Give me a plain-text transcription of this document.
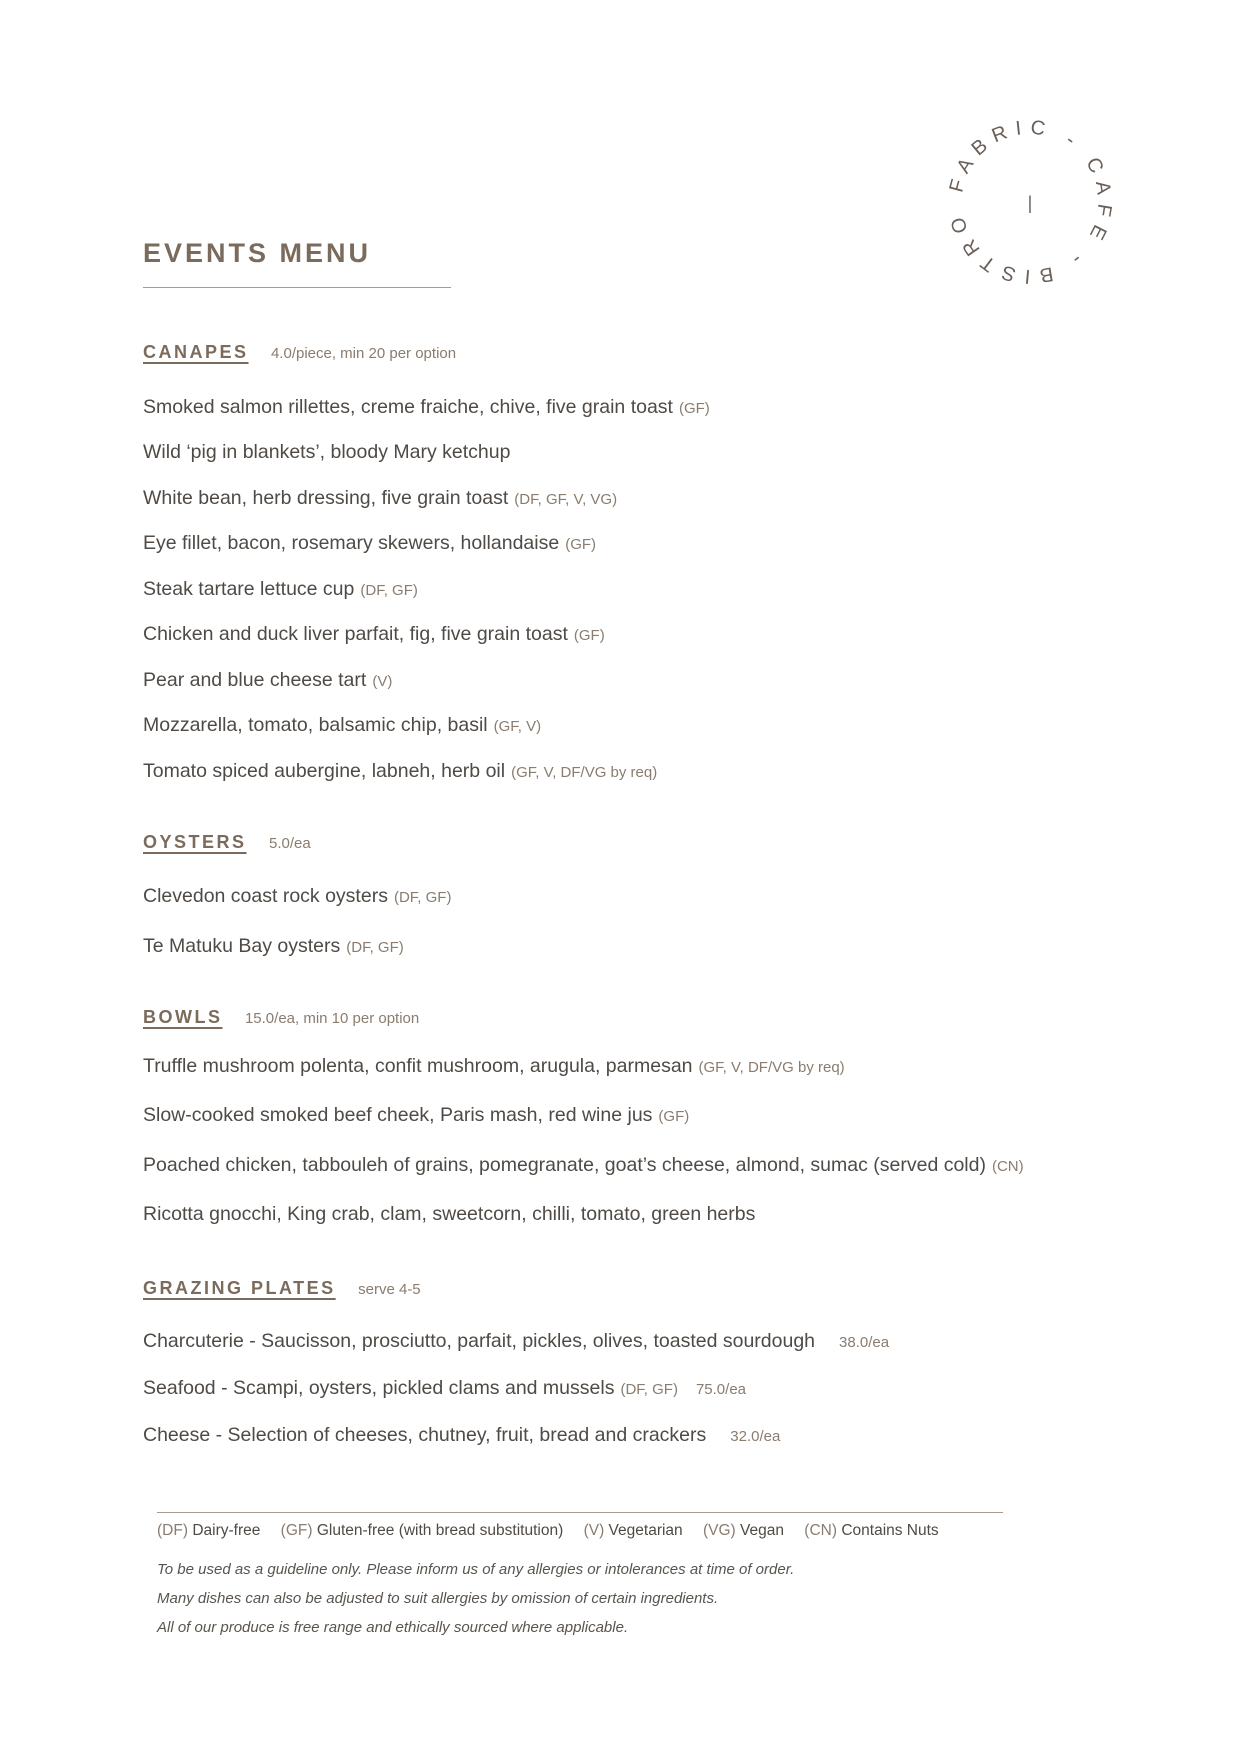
FABRIC - CAFE - BISTRO
|
EVENTS MENU
CANAPES 4.0/piece, min 20 per option
Smoked salmon rillettes, creme fraiche, chive, five grain toast (GF)
Wild ‘pig in blankets’, bloody Mary ketchup
White bean, herb dressing, five grain toast (DF, GF, V, VG)
Eye fillet, bacon, rosemary skewers, hollandaise (GF)
Steak tartare lettuce cup (DF, GF)
Chicken and duck liver parfait, fig, five grain toast (GF)
Pear and blue cheese tart (V)
Mozzarella, tomato, balsamic chip, basil (GF, V)
Tomato spiced aubergine, labneh, herb oil (GF, V, DF/VG by req)
OYSTERS 5.0/ea
Clevedon coast rock oysters (DF, GF)
Te Matuku Bay oysters (DF, GF)
BOWLS 15.0/ea, min 10 per option
Truffle mushroom polenta, confit mushroom, arugula, parmesan (GF, V, DF/VG by req)
Slow-cooked smoked beef cheek, Paris mash, red wine jus (GF)
Poached chicken, tabbouleh of grains, pomegranate, goat’s cheese, almond, sumac (served cold) (CN)
Ricotta gnocchi, King crab, clam, sweetcorn, chilli, tomato, green herbs
GRAZING PLATES serve 4-5
Charcuterie - Saucisson, prosciutto, parfait, pickles, olives, toasted sourdough 38.0/ea
Seafood - Scampi, oysters, pickled clams and mussels (DF, GF) 75.0/ea
Cheese - Selection of cheeses, chutney, fruit, bread and crackers 32.0/ea
(DF) Dairy-free (GF) Gluten-free (with bread substitution) (V) Vegetarian (VG) Vegan (CN) Contains Nuts
To be used as a guideline only. Please inform us of any allergies or intolerances at time of order.
Many dishes can also be adjusted to suit allergies by omission of certain ingredients.
All of our produce is free range and ethically sourced where applicable.
